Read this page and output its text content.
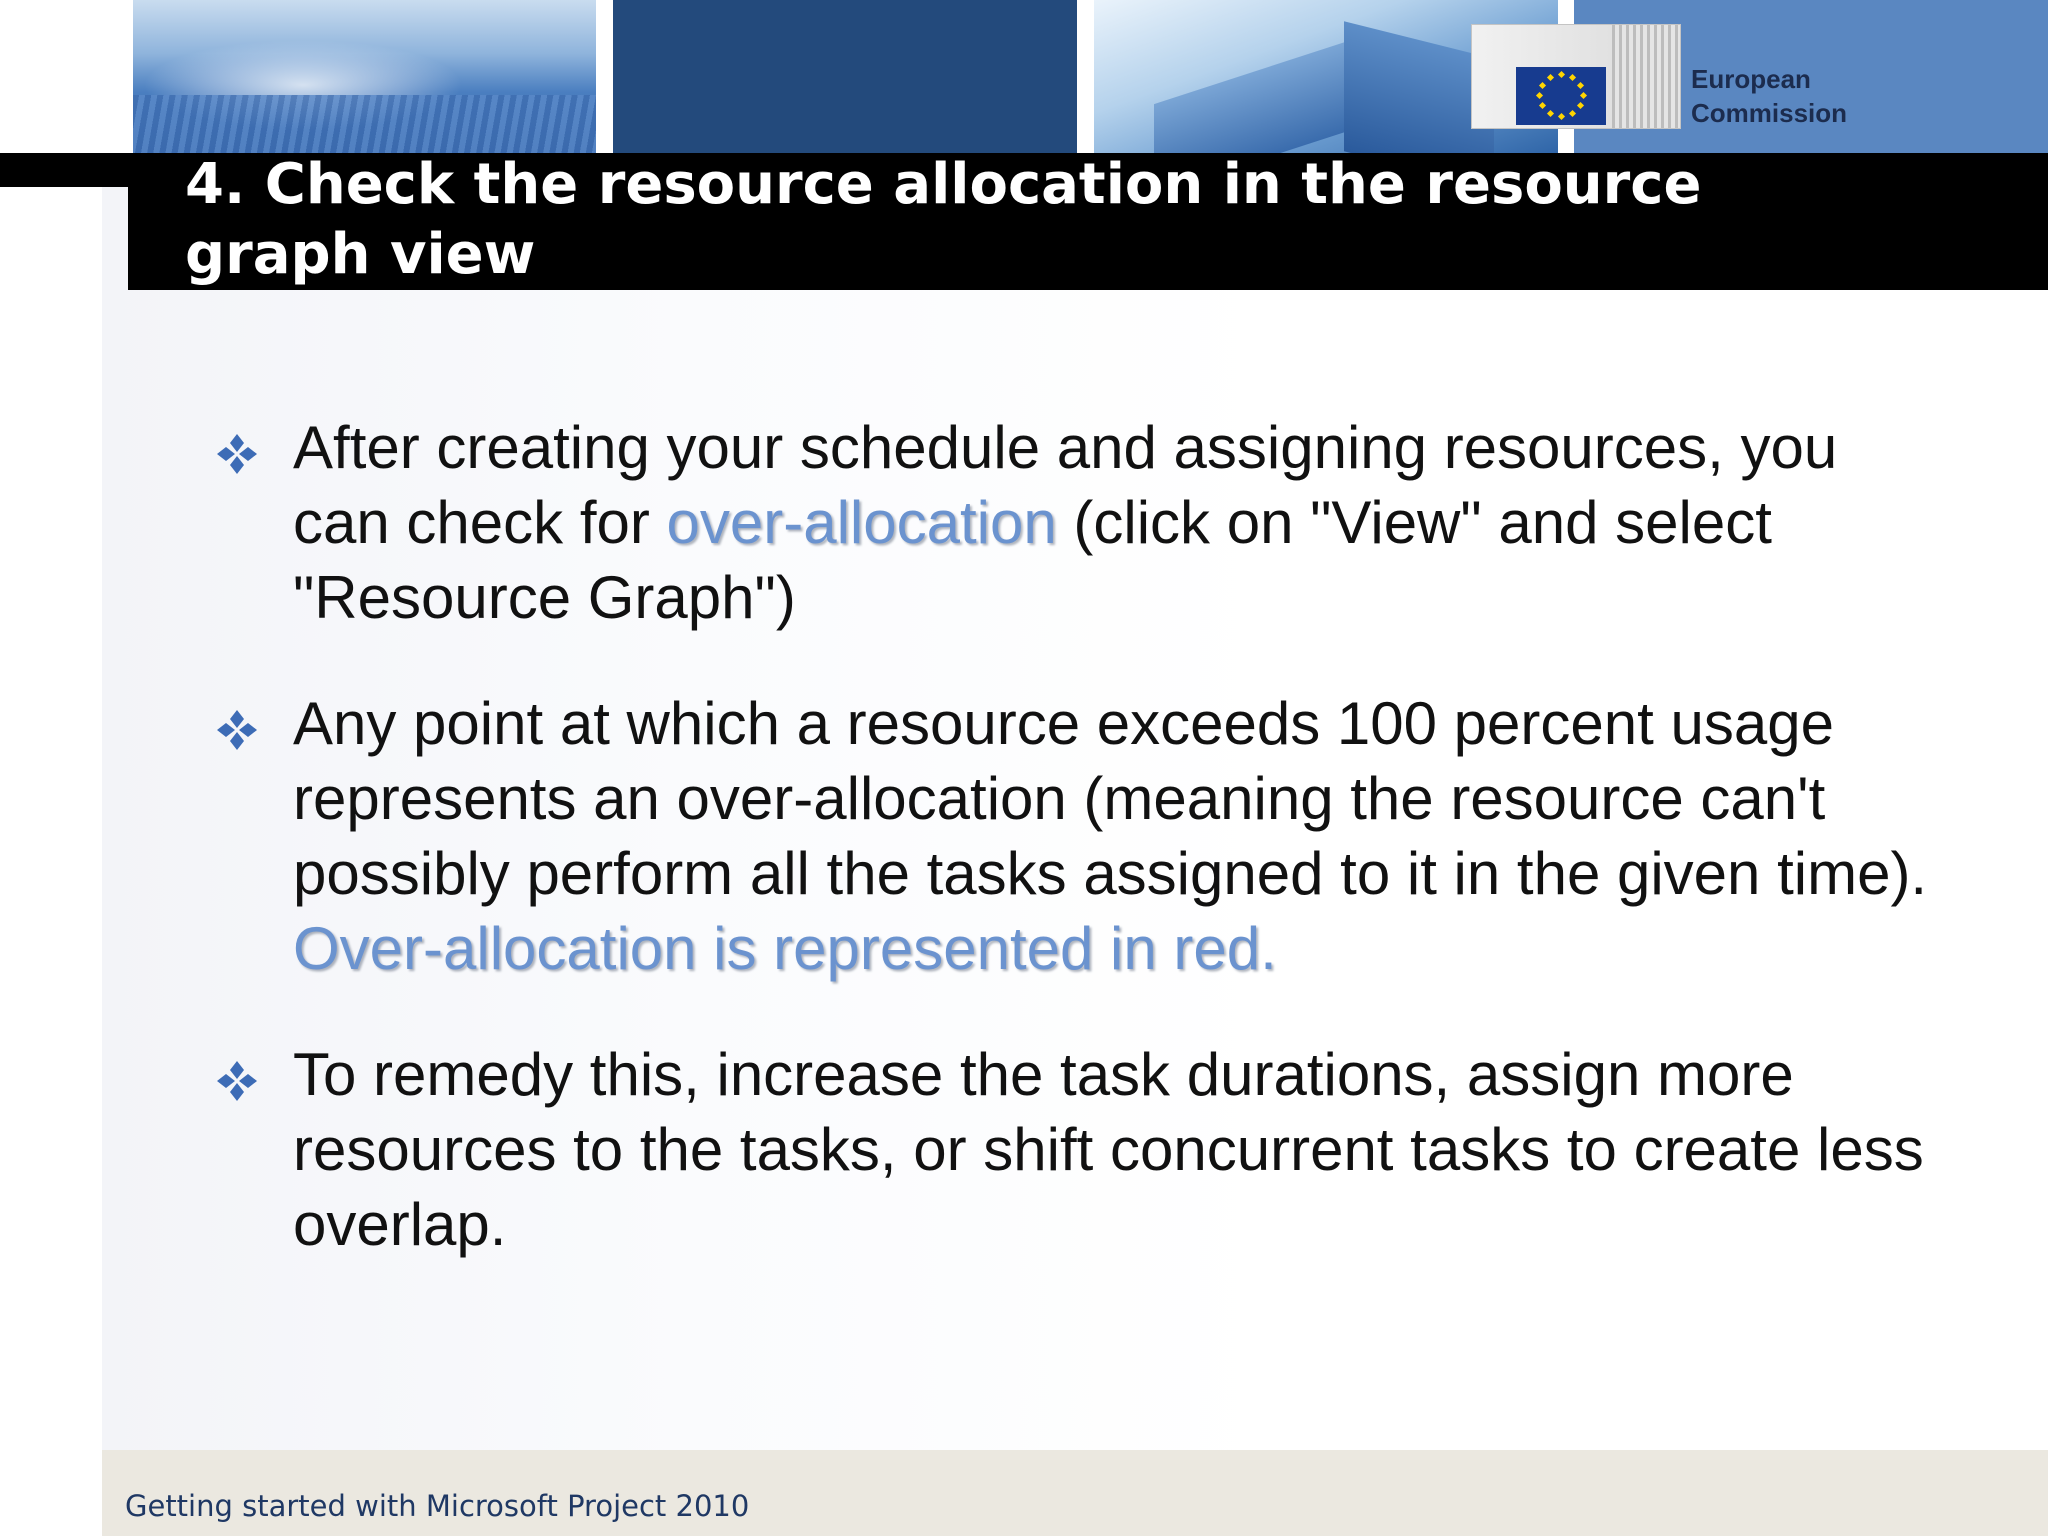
European
Commission
4. Check the resource allocation in the resource graph view
After creating your schedule and assigning resources, you can check for over-allocation (click on "View" and select "Resource Graph")
Any point at which a resource exceeds 100 percent usage represents an over-allocation (meaning the resource can't possibly perform all the tasks assigned to it in the given time). Over-allocation is represented in red.
To remedy this, increase the task durations, assign more resources to the tasks, or shift concurrent tasks to create less overlap.
Getting started with Microsoft Project 2010
